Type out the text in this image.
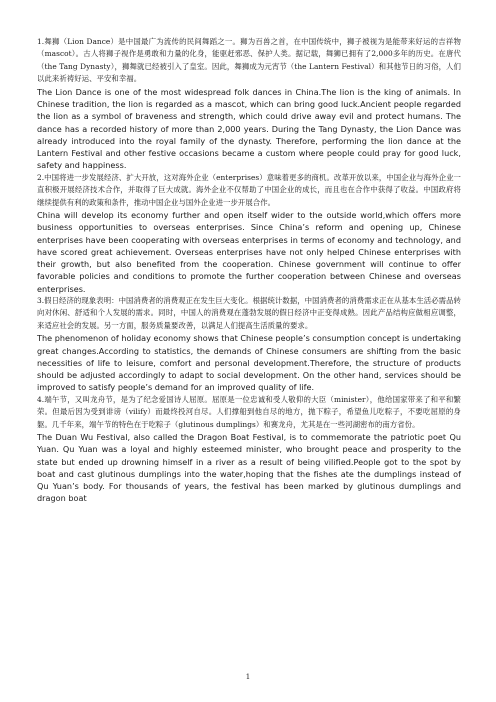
1.舞狮（Lion Dance）是中国最广为流传的民间舞蹈之一。狮为百兽之首，在中国传统中，狮子被视为是能带来好运的吉祥物（mascot）。古人将狮子视作是勇敢和力量的化身，能驱赶邪恶、保护人类。据记载，舞狮已拥有了2,000多年的历史。在唐代（the Tang Dynasty），狮舞就已经被引入了皇室。因此，舞狮成为元宵节（the Lantern Festival）和其他节日的习俗，人们以此来祈祷好运、平安和幸福。

The Lion Dance is one of the most widespread folk dances in China.The lion is the king of animals. In Chinese tradition, the lion is regarded as a mascot, which can bring good luck.Ancient people regarded the lion as a symbol of braveness and strength, which could drive away evil and protect humans. The dance has a recorded history of more than 2,000 years. During the Tang Dynasty, the Lion Dance was already introduced into the royal family of the dynasty. Therefore, performing the lion dance at the Lantern Festival and other festive occasions became a custom where people could pray for good luck, safety and happiness.

2.中国将进一步发展经济、扩大开放，这对海外企业（enterprises）意味着更多的商机。改革开放以来，中国企业与海外企业一直积极开展经济技术合作，并取得了巨大成就。海外企业不仅帮助了中国企业的成长，而且也在合作中获得了收益。中国政府将继续提供有利的政策和条件，推动中国企业与国外企业进一步开展合作。

China will develop its economy further and open itself wider to the outside world,which offers more business opportunities to overseas enterprises. Since China’s reform and opening up, Chinese enterprises have been cooperating with overseas enterprises in terms of economy and technology, and have scored great achievement. Overseas enterprises have not only helped Chinese enterprises with their growth, but also benefited from the cooperation. Chinese government will continue to offer favorable policies and conditions to promote the further cooperation between Chinese and overseas enterprises.

3.假日经济的现象表明：中国消费者的消费观正在发生巨大变化。根据统计数据，中国消费者的消费需求正在从基本生活必需品转向对休闲、舒适和个人发展的需求。同时，中国人的消费观在蓬勃发展的假日经济中正变得成熟。因此产品结构应做相应调整，来适应社会的发展。另一方面，服务质量要改善，以满足人们提高生活质量的要求。

The phenomenon of holiday economy shows that Chinese people’s consumption concept is undertaking great changes.According to statistics, the demands of Chinese consumers are shifting from the basic necessities of life to leisure, comfort and personal development.Therefore, the structure of products should be adjusted accordingly to adapt to social development. On the other hand, services should be improved to satisfy people’s demand for an improved quality of life.

4.端午节，又叫龙舟节，是为了纪念爱国诗人屈原。屈原是一位忠诚和受人敬仰的大臣（minister），他给国家带来了和平和繁荣。但最后因为受到诽谤（vilify）而最终投河自尽。人们撑船到他自尽的地方，抛下粽子，希望鱼儿吃粽子，不要吃屈原的身躯。几千年来，端午节的特色在于吃粽子（glutinous dumplings）和赛龙舟，尤其是在一些河湖密布的南方省份。

The Duan Wu Festival, also called the Dragon Boat Festival, is to commemorate the patriotic poet Qu Yuan. Qu Yuan was a loyal and highly esteemed minister, who brought peace and prosperity to the state but ended up drowning himself in a river as a result of being vilified.People got to the spot by boat and cast glutinous dumplings into the water,hoping that the fishes ate the dumplings instead of Qu Yuan’s body. For thousands of years, the festival has been marked by glutinous dumplings and dragon boat

1
